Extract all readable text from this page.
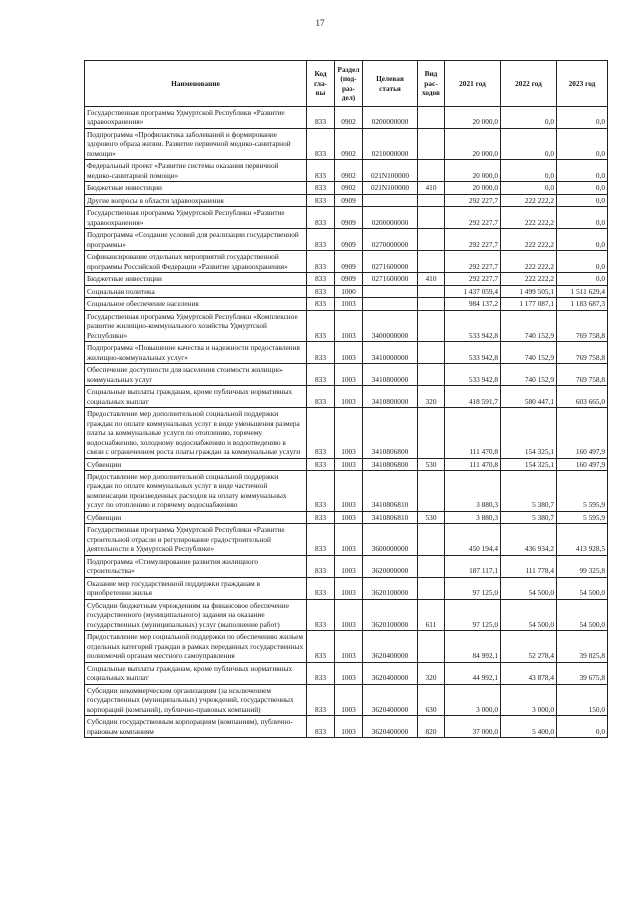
17
Наименование	Код гла- вы	Раздел (под- раз- дел)	Целевая статья	Вид рас- ходов	2021 год	2022 год	2023 год
Государственная программа Удмуртской Республики «Развитие здравоохранения»	833	0902	0200000000		20 000,0	0,0	0,0
Подпрограмма «Профилактика заболеваний и формирование здорового образа жизни. Развитие первичной медико-санитарной помощи»	833	0902	0210000000		20 000,0	0,0	0,0
Федеральный проект «Развитие системы оказания первичной медико-санитарной помощи»	833	0902	021N100000		20 000,0	0,0	0,0
Бюджетные инвестиции	833	0902	021N100000	410	20 000,0	0,0	0,0
Другие вопросы в области здравоохранения	833	0909			292 227,7	222 222,2	0,0
Государственная программа Удмуртской Республики «Развитие здравоохранения»	833	0909	0200000000		292 227,7	222 222,2	0,0
Подпрограмма «Создание условий для реализации государственной программы»	833	0909	0270000000		292 227,7	222 222,2	0,0
Софинансирование отдельных мероприятий государственной программы Российской Федерации «Развитие здравоохранения»	833	0909	0271600000		292 227,7	222 222,2	0,0
Бюджетные инвестиции	833	0909	0271600000	410	292 227,7	222 222,2	0,0
Социальная политика	833	1000			1 437 059,4	1 499 505,1	1 511 629,4
Социальное обеспечение населения	833	1003			984 137,2	1 177 087,1	1 183 687,3
Государственная программа Удмуртской Республики «Комплексное развитие жилищно-коммунального хозяйства Удмуртской Республики»	833	1003	3400000000		533 942,8	740 152,9	769 758,8
Подпрограмма «Повышение качества и надежности предоставления жилищно-коммунальных услуг»	833	1003	3410000000		533 942,8	740 152,9	769 758,8
Обеспечение доступности для населения стоимости жилищно-коммунальных услуг	833	1003	3410800000		533 942,8	740 152,9	769 758,8
Социальные выплаты гражданам, кроме публичных нормативных социальных выплат	833	1003	3410800000	320	418 591,7	580 447,1	603 665,0
Предоставление мер дополнительной социальной поддержки граждан по оплате коммунальных услуг в виде уменьшения размера платы за коммунальные услуги по отоплению, горячему водоснабжению, холодному водоснабжению и водоотведению в связи с ограничением роста платы граждан за коммунальные услуги	833	1003	3410806800		111 470,8	154 325,1	160 497,9
Субвенции	833	1003	3410806800	530	111 470,8	154 325,1	160 497,9
Предоставление мер дополнительной социальной поддержки граждан по оплате коммунальных услуг в виде частичной компенсации произведенных расходов на оплату коммунальных услуг по отоплению и горячему водоснабжению	833	1003	3410806810		3 880,3	5 380,7	5 595,9
Субвенции	833	1003	3410806810	530	3 880,3	5 380,7	5 595,9
Государственная программа Удмуртской Республики «Развитие строительной отрасли и регулирование градостроительной деятельности в Удмуртской Республике»	833	1003	3600000000		450 194,4	436 934,2	413 928,5
Подпрограмма «Стимулирование развития жилищного строительства»	833	1003	3620000000		187 117,1	111 778,4	99 325,8
Оказание мер государственной поддержки гражданам в приобретении жилья	833	1003	3620100000		97 125,0	54 500,0	54 500,0
Субсидии бюджетным учреждениям на финансовое обеспечение государственного (муниципального) задания на оказание государственных (муниципальных) услуг (выполнение работ)	833	1003	3620100000	611	97 125,0	54 500,0	54 500,0
Предоставление мер социальной поддержки по обеспечению жильем отдельных категорий граждан в рамках переданных государственных полномочий органам местного самоуправления	833	1003	3620400000		84 992,1	52 278,4	39 825,8
Социальные выплаты гражданам, кроме публичных нормативных социальных выплат	833	1003	3620400000	320	44 992,1	43 878,4	39 675,8
Субсидии некоммерческим организациям (за исключением государственных (муниципальных) учреждений, государственных корпораций (компаний), публично-правовых компаний)	833	1003	3620400000	630	3 000,0	3 000,0	150,0
Субсидии государственным корпорациям (компаниям), публично-правовым компаниям	833	1003	3620400000	820	37 000,0	5 400,0	0,0
